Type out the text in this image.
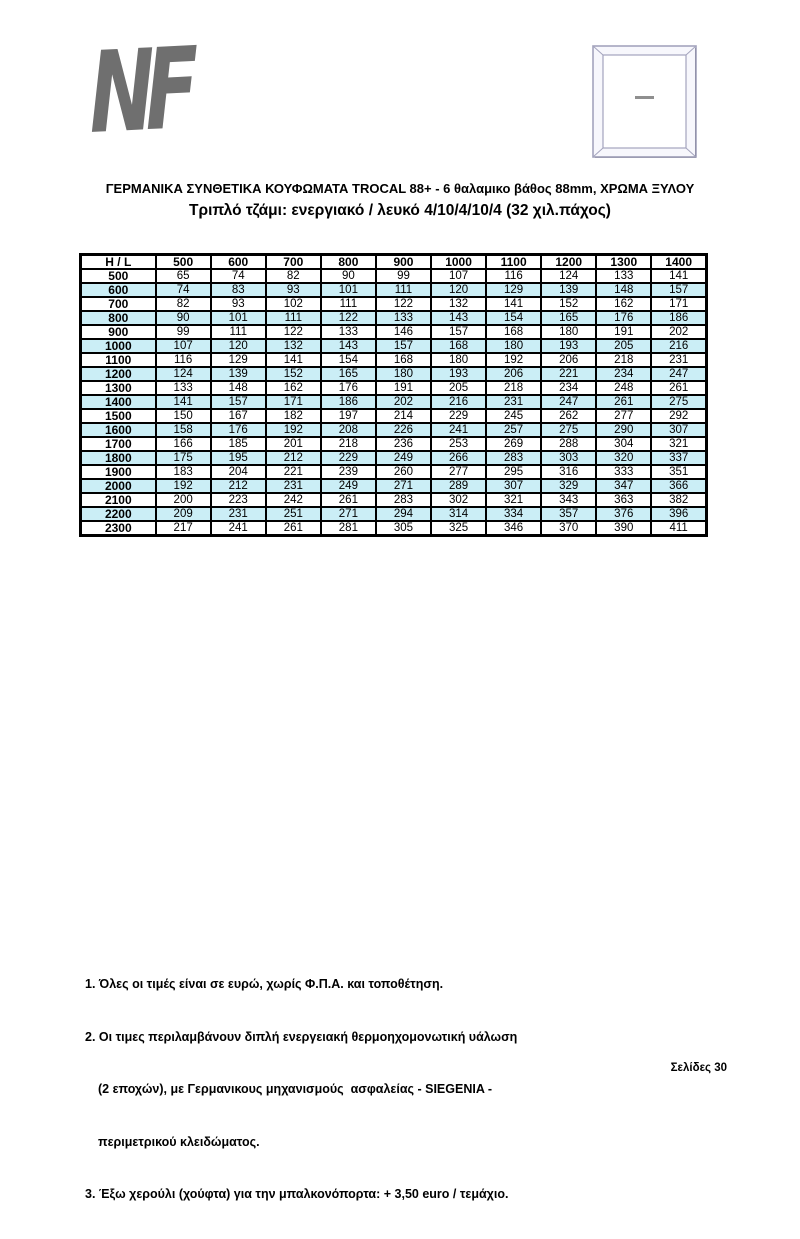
NF
ΓΕΡΜΑΝΙΚΑ ΣΥΝΘΕΤΙΚΑ ΚΟΥΦΩΜΑΤΑ TROCAL 88+ - 6 θαλαμικο βάθος 88mm, ΧΡΩΜΑ ΞΥΛΟΥ
Τριπλό τζάμι: ενεργιακό / λευκό 4/10/4/10/4 (32 χιλ.πάχος)
H / L	500	600	700	800	900	1000	1100	1200	1300	1400
500	65	74	82	90	99	107	116	124	133	141
600	74	83	93	101	111	120	129	139	148	157
700	82	93	102	111	122	132	141	152	162	171
800	90	101	111	122	133	143	154	165	176	186
900	99	111	122	133	146	157	168	180	191	202
1000	107	120	132	143	157	168	180	193	205	216
1100	116	129	141	154	168	180	192	206	218	231
1200	124	139	152	165	180	193	206	221	234	247
1300	133	148	162	176	191	205	218	234	248	261
1400	141	157	171	186	202	216	231	247	261	275
1500	150	167	182	197	214	229	245	262	277	292
1600	158	176	192	208	226	241	257	275	290	307
1700	166	185	201	218	236	253	269	288	304	321
1800	175	195	212	229	249	266	283	303	320	337
1900	183	204	221	239	260	277	295	316	333	351
2000	192	212	231	249	271	289	307	329	347	366
2100	200	223	242	261	283	302	321	343	363	382
2200	209	231	251	271	294	314	334	357	376	396
2300	217	241	261	281	305	325	346	370	390	411

1. Όλες οι τιμές είναι σε ευρώ, χωρίς Φ.Π.Α. και τοποθέτηση.

2. Οι τιμες περιλαμβάνουν διπλή ενεργειακή θερμοηχομονωτική υάλωση

(2 εποχών), με Γερμανικους μηχανισμούς  ασφαλείας - SIEGENIA -

περιμετρικού κλειδώματος.

3. Έξω χερούλι (χούφτα) για την μπαλκονόπορτα: + 3,50 euro / τεμάχιο.

Σελίδες 30
